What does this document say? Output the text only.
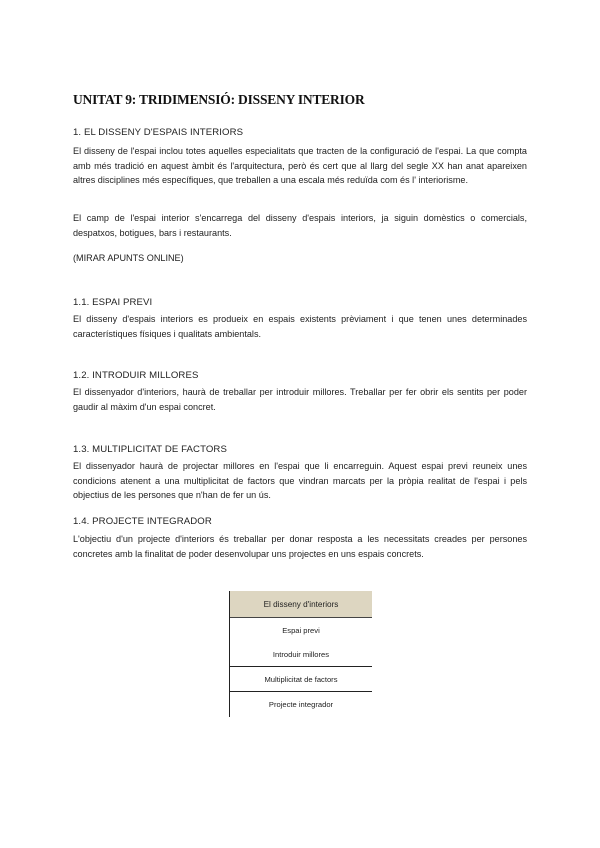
UNITAT 9: TRIDIMENSIÓ: DISSENY INTERIOR
1. EL DISSENY D'ESPAIS INTERIORS
El disseny de l'espai inclou totes aquelles especialitats que tracten de la configuració de l'espai. La que compta amb més tradició en aquest àmbit és l'arquitectura, però és cert que al llarg del segle XX han anat apareixen altres disciplines més específiques, que treballen a una escala més reduïda com és l' interiorisme.
El camp de l'espai interior s'encarrega del disseny d'espais interiors, ja siguin domèstics o comercials, despatxos, botigues, bars i restaurants.
(MIRAR APUNTS ONLINE)
1.1. ESPAI PREVI
El disseny d'espais interiors es produeix en espais existents prèviament i que tenen unes determinades característiques físiques i qualitats ambientals.
1.2. INTRODUIR MILLORES
El dissenyador d'interiors, haurà de treballar per introduir millores. Treballar per fer obrir els sentits per poder gaudir al màxim d'un espai concret.
1.3. MULTIPLICITAT DE FACTORS
El dissenyador haurà de projectar millores en l'espai que li encarreguin. Aquest espai previ reuneix unes condicions atenent a una multiplicitat de factors que vindran marcats per la pròpia realitat de l'espai i pels objectius de les persones que n'han de fer un ús.
1.4. PROJECTE INTEGRADOR
L'objectiu d'un projecte d'interiors és treballar per donar resposta a les necessitats creades per persones concretes amb la finalitat de poder desenvolupar uns projectes en uns espais concrets.
El disseny d'interiors
Espai previ
Introduir millores
Multiplicitat de factors
Projecte integrador
